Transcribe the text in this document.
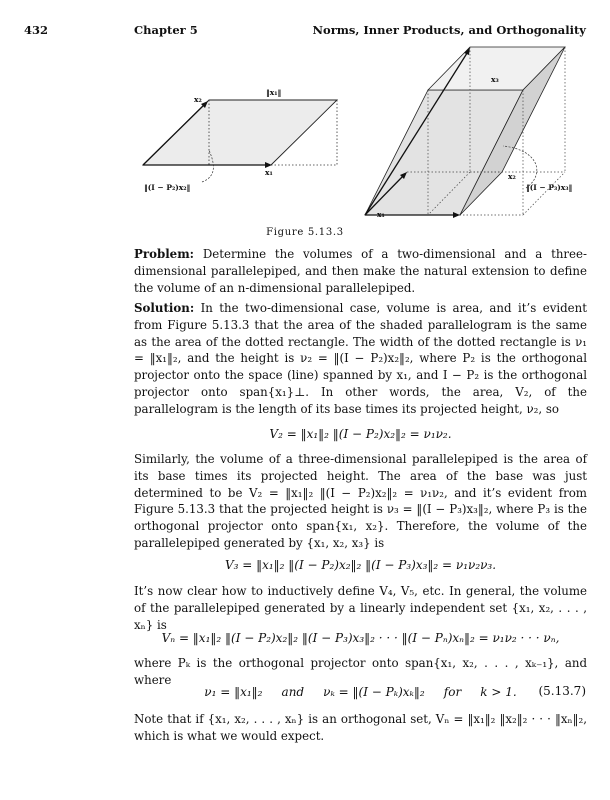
432	Chapter 5	Norms, Inner Products, and Orthogonality
‖x₁‖
x₂
x₁
‖(I − P₂)x₂‖
x₃
x₂
x₁
‖(I − P₃)x₃‖
Figure 5.13.3
Problem: Determine the volumes of a two-dimensional and a three-dimensional parallelepiped, and then make the natural extension to define the volume of an n-dimensional parallelepiped.
Solution: In the two-dimensional case, volume is area, and it’s evident from Figure 5.13.3 that the area of the shaded parallelogram is the same as the area of the dotted rectangle. The width of the dotted rectangle is ν₁ = ‖x₁‖₂, and the height is ν₂ = ‖(I − P₂)x₂‖₂, where P₂ is the orthogonal projector onto the space (line) spanned by x₁, and I − P₂ is the orthogonal projector onto span{x₁}⊥. In other words, the area, V₂, of the parallelogram is the length of its base times its projected height, ν₂, so
V₂ = ‖x₁‖₂ ‖(I − P₂)x₂‖₂ = ν₁ν₂.
Similarly, the volume of a three-dimensional parallelepiped is the area of its base times its projected height. The area of the base was just determined to be V₂ = ‖x₁‖₂ ‖(I − P₂)x₂‖₂ = ν₁ν₂, and it’s evident from Figure 5.13.3 that the projected height is ν₃ = ‖(I − P₃)x₃‖₂, where P₃ is the orthogonal projector onto span{x₁, x₂}. Therefore, the volume of the parallelepiped generated by {x₁, x₂, x₃} is
V₃ = ‖x₁‖₂ ‖(I − P₂)x₂‖₂ ‖(I − P₃)x₃‖₂ = ν₁ν₂ν₃.
It’s now clear how to inductively define V₄, V₅, etc. In general, the volume of the parallelepiped generated by a linearly independent set {x₁, x₂, . . . , xₙ} is
Vₙ = ‖x₁‖₂ ‖(I − P₂)x₂‖₂ ‖(I − P₃)x₃‖₂ · · · ‖(I − Pₙ)xₙ‖₂ = ν₁ν₂ · · · νₙ,
where Pₖ is the orthogonal projector onto span{x₁, x₂, . . . , xₖ₋₁}, and where
ν₁ = ‖x₁‖₂     and     νₖ = ‖(I − Pₖ)xₖ‖₂     for     k > 1.	(5.13.7)
Note that if {x₁, x₂, . . . , xₙ} is an orthogonal set, Vₙ = ‖x₁‖₂ ‖x₂‖₂ · · · ‖xₙ‖₂, which is what we would expect.
